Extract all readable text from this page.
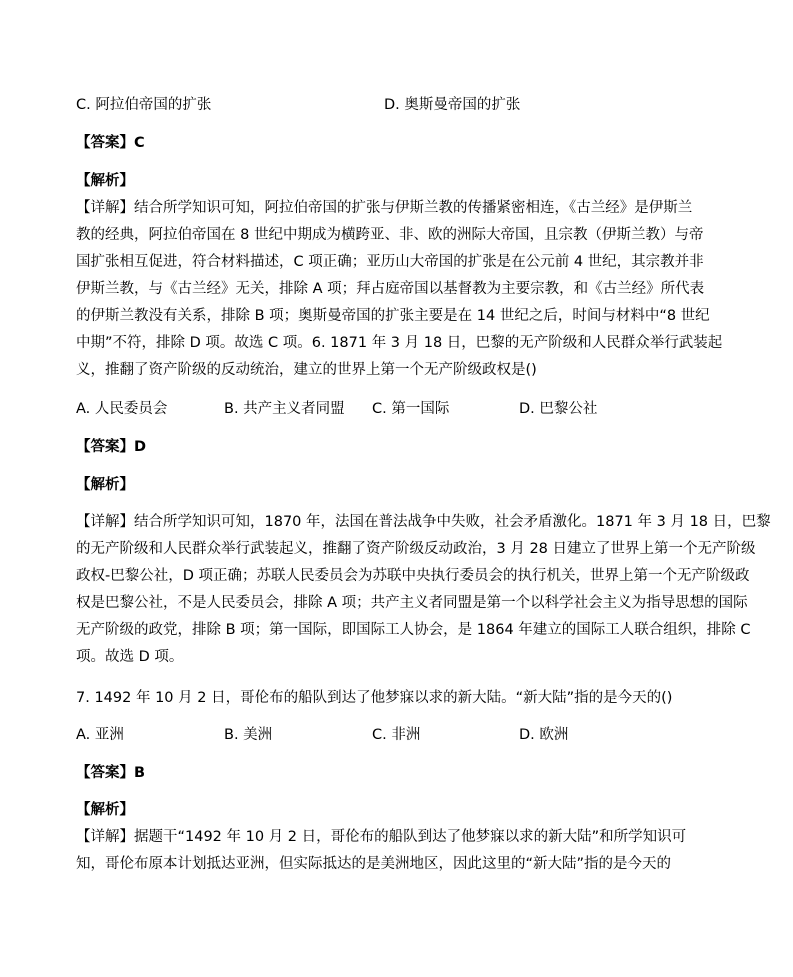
C. 阿拉伯帝国的扩张	D. 奥斯曼帝国的扩张
【答案】C
【解析】
【详解】结合所学知识可知，阿拉伯帝国的扩张与伊斯兰教的传播紧密相连，《古兰经》是伊斯兰
教的经典，阿拉伯帝国在 8 世纪中期成为横跨亚、非、欧的洲际大帝国，且宗教（伊斯兰教）与帝
国扩张相互促进，符合材料描述，C 项正确；亚历山大帝国的扩张是在公元前 4 世纪，其宗教并非
伊斯兰教，与《古兰经》无关，排除 A 项；拜占庭帝国以基督教为主要宗教，和《古兰经》所代表
的伊斯兰教没有关系，排除 B 项；奥斯曼帝国的扩张主要是在 14 世纪之后，时间与材料中“8 世纪
中期”不符，排除 D 项。故选 C 项。6. 1871 年 3 月 18 日，巴黎的无产阶级和人民群众举行武装起
义，推翻了资产阶级的反动统治，建立的世界上第一个无产阶级政权是()
A. 人民委员会	B. 共产主义者同盟 C. 第一国际	D. 巴黎公社
【答案】D
【解析】
【详解】结合所学知识可知，1870 年，法国在普法战争中失败，社会矛盾激化。1871 年 3 月 18 日，巴黎
的无产阶级和人民群众举行武装起义，推翻了资产阶级反动政治，3 月 28 日建立了世界上第一个无产阶级
政权-巴黎公社，D 项正确；苏联人民委员会为苏联中央执行委员会的执行机关，世界上第一个无产阶级政
权是巴黎公社，不是人民委员会，排除 A 项；共产主义者同盟是第一个以科学社会主义为指导思想的国际
无产阶级的政党，排除 B 项；第一国际，即国际工人协会，是 1864 年建立的国际工人联合组织，排除 C
项。故选 D 项。
7. 1492 年 10 月 2 日，哥伦布的船队到达了他梦寐以求的新大陆。“新大陆”指的是今天的()
A. 亚洲	B. 美洲	C. 非洲	D. 欧洲
【答案】B
【解析】
【详解】据题干“1492 年 10 月 2 日，哥伦布的船队到达了他梦寐以求的新大陆”和所学知识可
知，哥伦布原本计划抵达亚洲，但实际抵达的是美洲地区，因此这里的“新大陆”指的是今天的
